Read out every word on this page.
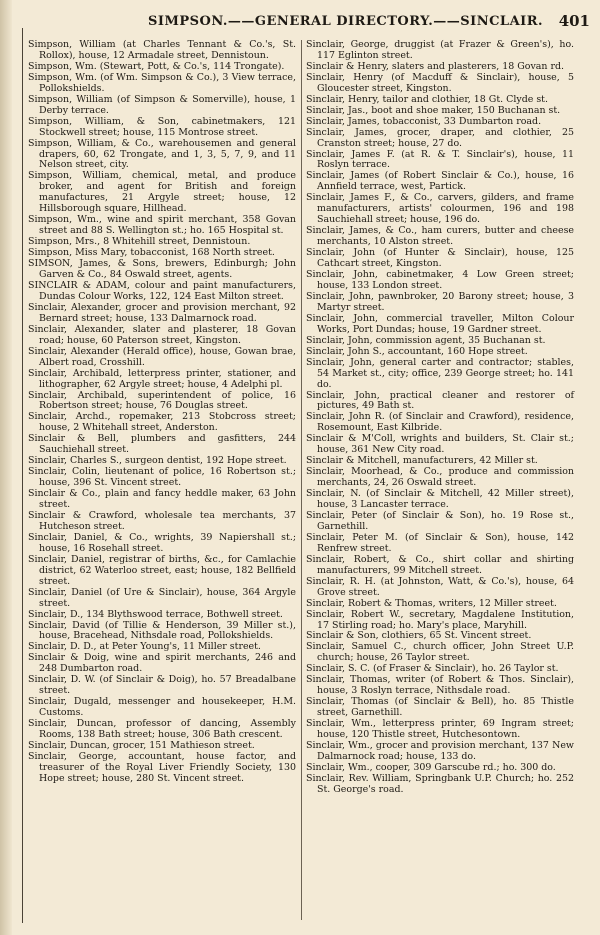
SIMPSON.——GENERAL DIRECTORY.——SINCLAIR. 401

Simpson, William (at Charles Tennant & Co.'s, St. Rollox), house, 12 Armadale street, Dennistoun.

Simpson, Wm. (Stewart, Pott, & Co.'s, 114 Trongate).

Simpson, Wm. (of Wm. Simpson & Co.), 3 View terrace, Pollokshields.

Simpson, William (of Simpson & Somerville), house, 1 Derby terrace.

Simpson, William, & Son, cabinetmakers, 121 Stockwell street; house, 115 Montrose street.

Simpson, William, & Co., warehousemen and general drapers, 60, 62 Trongate, and 1, 3, 5, 7, 9, and 11 Nelson street, city.

Simpson, William, chemical, metal, and produce broker, and agent for British and foreign manufactures, 21 Argyle street; house, 12 Hillsborough square, Hillhead.

Simpson, Wm., wine and spirit merchant, 358 Govan street and 88 S. Wellington st.; ho. 165 Hospital st.

Simpson, Mrs., 8 Whitehill street, Dennistoun.

Simpson, Miss Mary, tobacconist, 168 North street.

SIMSON, James, & Sons, brewers, Edinburgh; John Garven & Co., 84 Oswald street, agents.

SINCLAIR & ADAM, colour and paint manufacturers, Dundas Colour Works, 122, 124 East Milton street.

Sinclair, Alexander, grocer and provision merchant, 92 Bernard street; house, 133 Dalmarnock road.

Sinclair, Alexander, slater and plasterer, 18 Govan road; house, 60 Paterson street, Kingston.

Sinclair, Alexander (Herald office), house, Gowan brae, Albert road, Crosshill.

Sinclair, Archibald, letterpress printer, stationer, and lithographer, 62 Argyle street; house, 4 Adelphi pl.

Sinclair, Archibald, superintendent of police, 16 Robertson street; house, 76 Douglas street.

Sinclair, Archd., ropemaker, 213 Stobcross street; house, 2 Whitehall street, Anderston.

Sinclair & Bell, plumbers and gasfitters, 244 Sauchiehall street.

Sinclair, Charles S., surgeon dentist, 192 Hope street.

Sinclair, Colin, lieutenant of police, 16 Robertson st.; house, 396 St. Vincent street.

Sinclair & Co., plain and fancy heddle maker, 63 John street.

Sinclair & Crawford, wholesale tea merchants, 37 Hutcheson street.

Sinclair, Daniel, & Co., wrights, 39 Napiershall st.; house, 16 Rosehall street.

Sinclair, Daniel, registrar of births, &c., for Camlachie district, 62 Waterloo street, east; house, 182 Bellfield street.

Sinclair, Daniel (of Ure & Sinclair), house, 364 Argyle street.

Sinclair, D., 134 Blythswood terrace, Bothwell street.

Sinclair, David (of Tillie & Henderson, 39 Miller st.), house, Bracehead, Nithsdale road, Pollokshields.

Sinclair, D. D., at Peter Young's, 11 Miller street.

Sinclair & Doig, wine and spirit merchants, 246 and 248 Dumbarton road.

Sinclair, D. W. (of Sinclair & Doig), ho. 57 Breadalbane street.

Sinclair, Dugald, messenger and housekeeper, H.M. Customs.

Sinclair, Duncan, professor of dancing, Assembly Rooms, 138 Bath street; house, 306 Bath crescent.

Sinclair, Duncan, grocer, 151 Mathieson street.

Sinclair, George, accountant, house factor, and treasurer of the Royal Liver Friendly Society, 130 Hope street; house, 280 St. Vincent street.

Sinclair, George, druggist (at Frazer & Green's), ho. 117 Eglinton street.

Sinclair & Henry, slaters and plasterers, 18 Govan rd.

Sinclair, Henry (of Macduff & Sinclair), house, 5 Gloucester street, Kingston.

Sinclair, Henry, tailor and clothier, 18 Gt. Clyde st.

Sinclair, Jas., boot and shoe maker, 150 Buchanan st.

Sinclair, James, tobacconist, 33 Dumbarton road.

Sinclair, James, grocer, draper, and clothier, 25 Cranston street; house, 27 do.

Sinclair, James F. (at R. & T. Sinclair's), house, 11 Roslyn terrace.

Sinclair, James (of Robert Sinclair & Co.), house, 16 Annfield terrace, west, Partick.

Sinclair, James F., & Co., carvers, gilders, and frame manufacturers, artists' colourmen, 196 and 198 Sauchiehall street; house, 196 do.

Sinclair, James, & Co., ham curers, butter and cheese merchants, 10 Alston street.

Sinclair, John (of Hunter & Sinclair), house, 125 Cathcart street, Kingston.

Sinclair, John, cabinetmaker, 4 Low Green street; house, 133 London street.

Sinclair, John, pawnbroker, 20 Barony street; house, 3 Martyr street.

Sinclair, John, commercial traveller, Milton Colour Works, Port Dundas; house, 19 Gardner street.

Sinclair, John, commission agent, 35 Buchanan st.

Sinclair, John S., accountant, 160 Hope street.

Sinclair, John, general carter and contractor; stables, 54 Market st., city; office, 239 George street; ho. 141 do.

Sinclair, John, practical cleaner and restorer of pictures, 49 Bath st.

Sinclair, John R. (of Sinclair and Crawford), residence, Rosemount, East Kilbride.

Sinclair & M'Coll, wrights and builders, St. Clair st.; house, 361 New City road.

Sinclair & Mitchell, manufacturers, 42 Miller st.

Sinclair, Moorhead, & Co., produce and commission merchants, 24, 26 Oswald street.

Sinclair, N. (of Sinclair & Mitchell, 42 Miller street), house, 3 Lancaster terrace.

Sinclair, Peter (of Sinclair & Son), ho. 19 Rose st., Garnethill.

Sinclair, Peter M. (of Sinclair & Son), house, 142 Renfrew street.

Sinclair, Robert, & Co., shirt collar and shirting manufacturers, 99 Mitchell street.

Sinclair, R. H. (at Johnston, Watt, & Co.'s), house, 64 Grove street.

Sinclair, Robert & Thomas, writers, 12 Miller street.

Sinclair, Robert W., secretary, Magdalene Institution, 17 Stirling road; ho. Mary's place, Maryhill.

Sinclair & Son, clothiers, 65 St. Vincent street.

Sinclair, Samuel C., church officer, John Street U.P. church; house, 26 Taylor street.

Sinclair, S. C. (of Fraser & Sinclair), ho. 26 Taylor st.

Sinclair, Thomas, writer (of Robert & Thos. Sinclair), house, 3 Roslyn terrace, Nithsdale road.

Sinclair, Thomas (of Sinclair & Bell), ho. 85 Thistle street, Garnethill.

Sinclair, Wm., letterpress printer, 69 Ingram street; house, 120 Thistle street, Hutchesontown.

Sinclair, Wm., grocer and provision merchant, 137 New Dalmarnock road; house, 133 do.

Sinclair, Wm., cooper, 309 Garscube rd.; ho. 300 do.

Sinclair, Rev. William, Springbank U.P. Church; ho. 252 St. George's road.
